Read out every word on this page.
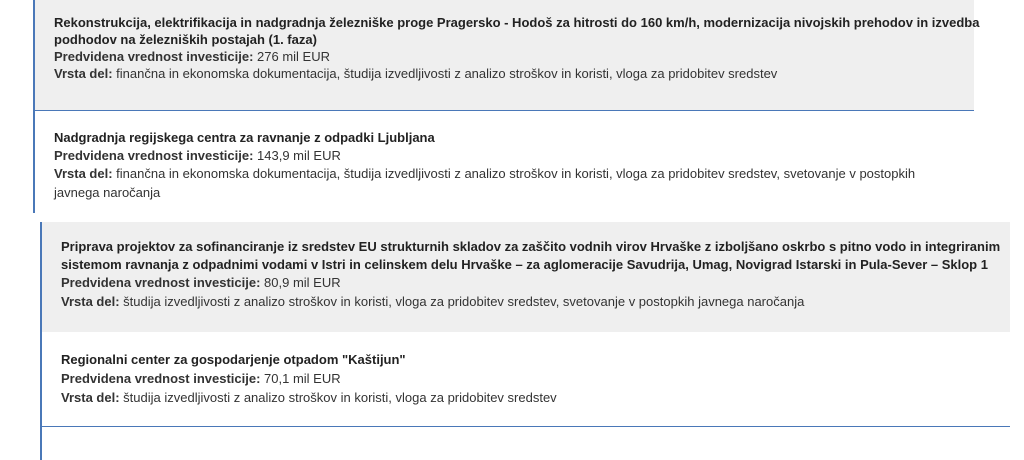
Rekonstrukcija, elektrifikacija in nadgradnja železniške proge Pragersko - Hodoš za hitrosti do 160 km/h, modernizacija nivojskih prehodov in izvedba
podhodov na železniških postajah (1. faza)
Predvidena vrednost investicije: 276 mil EUR
Vrsta del: finančna in ekonomska dokumentacija, študija izvedljivosti z analizo stroškov in koristi, vloga za pridobitev sredstev
Nadgradnja regijskega centra za ravnanje z odpadki Ljubljana
Predvidena vrednost investicije: 143,9 mil EUR
Vrsta del: finančna in ekonomska dokumentacija, študija izvedljivosti z analizo stroškov in koristi, vloga za pridobitev sredstev, svetovanje v postopkih
javnega naročanja
Priprava projektov za sofinanciranje iz sredstev EU strukturnih skladov za zaščito vodnih virov Hrvaške z izboljšano oskrbo s pitno vodo in integriranim
sistemom ravnanja z odpadnimi vodami v Istri in celinskem delu Hrvaške – za aglomeracije Savudrija, Umag, Novigrad Istarski in Pula-Sever – Sklop 1
Predvidena vrednost investicije: 80,9 mil EUR
Vrsta del: študija izvedljivosti z analizo stroškov in koristi, vloga za pridobitev sredstev, svetovanje v postopkih javnega naročanja
Regionalni center za gospodarjenje otpadom "Kaštijun"
Predvidena vrednost investicije: 70,1 mil EUR
Vrsta del: študija izvedljivosti z analizo stroškov in koristi, vloga za pridobitev sredstev
